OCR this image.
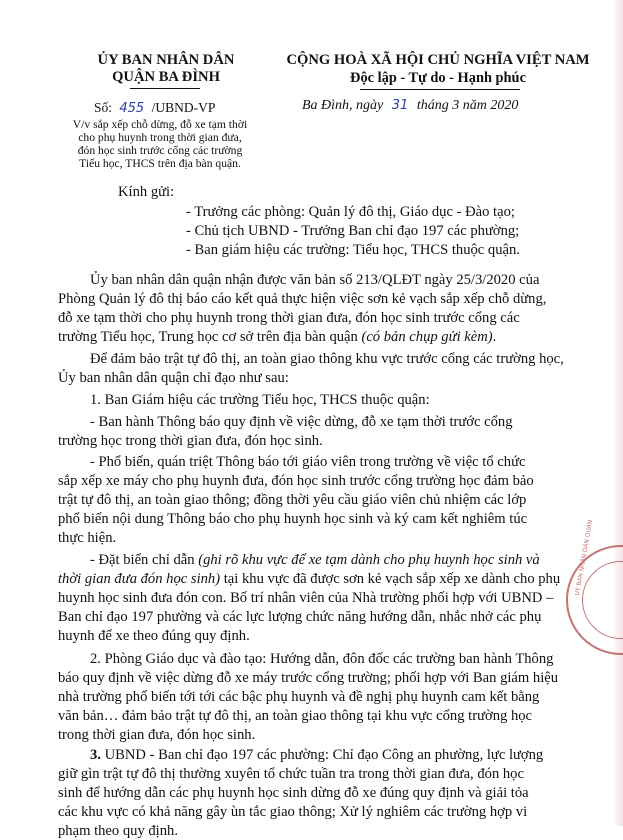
ỦY BAN NHÂN DÂN
QUẬN BA ĐÌNH
Số: 455 /UBND-VP
V/v sắp xếp chỗ dừng, đỗ xe tạm thời
cho phụ huynh trong thời gian đưa,
đón học sinh trước cổng các trường
Tiểu học, THCS trên địa bàn quận.
CỘNG HOÀ XÃ HỘI CHỦ NGHĨA VIỆT NAM
Độc lập - Tự do - Hạnh phúc
Ba Đình, ngày 31 tháng 3 năm 2020
Kính gửi:
- Trưởng các phòng: Quản lý đô thị, Giáo dục - Đào tạo;
- Chủ tịch UBND - Trưởng Ban chỉ đạo 197 các phường;
- Ban giám hiệu các trường: Tiểu học, THCS thuộc quận.
Ủy ban nhân dân quận nhận được văn bản số 213/QLĐT ngày 25/3/2020 của
Phòng Quản lý đô thị báo cáo kết quả thực hiện việc sơn kẻ vạch sắp xếp chỗ dừng,
đỗ xe tạm thời cho phụ huynh trong thời gian đưa, đón học sinh trước cổng các
trường Tiểu học, Trung học cơ sở trên địa bàn quận (có bản chụp gửi kèm).
Để đảm bảo trật tự đô thị, an toàn giao thông khu vực trước cổng các trường học,
Ủy ban nhân dân quận chỉ đạo như sau:
1. Ban Giám hiệu các trường Tiểu học, THCS thuộc quận:
- Ban hành Thông báo quy định về việc dừng, đỗ xe tạm thời trước cổng
trường học trong thời gian đưa, đón học sinh.
- Phổ biến, quán triệt Thông báo tới giáo viên trong trường về việc tổ chức
sắp xếp xe máy cho phụ huynh đưa, đón học sinh trước cổng trường học đảm bảo
trật tự đô thị, an toàn giao thông; đồng thời yêu cầu giáo viên chủ nhiệm các lớp
phổ biến nội dung Thông báo cho phụ huynh học sinh và ký cam kết nghiêm túc
thực hiện.
- Đặt biển chỉ dẫn (ghi rõ khu vực để xe tạm dành cho phụ huynh học sinh và
thời gian đưa đón học sinh) tại khu vực đã được sơn kẻ vạch sắp xếp xe dành cho phụ
huynh học sinh đưa đón con. Bố trí nhân viên của Nhà trường phối hợp với UBND –
Ban chỉ đạo 197 phường và các lực lượng chức năng hướng dẫn, nhắc nhở các phụ
huynh để xe theo đúng quy định.
2. Phòng Giáo dục và đào tạo: Hướng dẫn, đôn đốc các trường ban hành Thông
báo quy định về việc dừng đỗ xe máy trước cổng trường; phối hợp với Ban giám hiệu
nhà trường phổ biến tới tới các bậc phụ huynh và đề nghị phụ huynh cam kết bằng
văn bản… đảm bảo trật tự đô thị, an toàn giao thông tại khu vực cổng trường học
trong thời gian đưa, đón học sinh.
3. UBND - Ban chỉ đạo 197 các phường: Chỉ đạo Công an phường, lực lượng
giữ gìn trật tự đô thị thường xuyên tổ chức tuần tra trong thời gian đưa, đón học
sinh để hướng dẫn các phụ huynh học sinh dừng đỗ xe đúng quy định và giải tỏa
các khu vực có khả năng gây ùn tắc giao thông; Xử lý nghiêm các trường hợp vi
phạm theo quy định.
UỶ BAN NHÂN DÂN QUẬN
